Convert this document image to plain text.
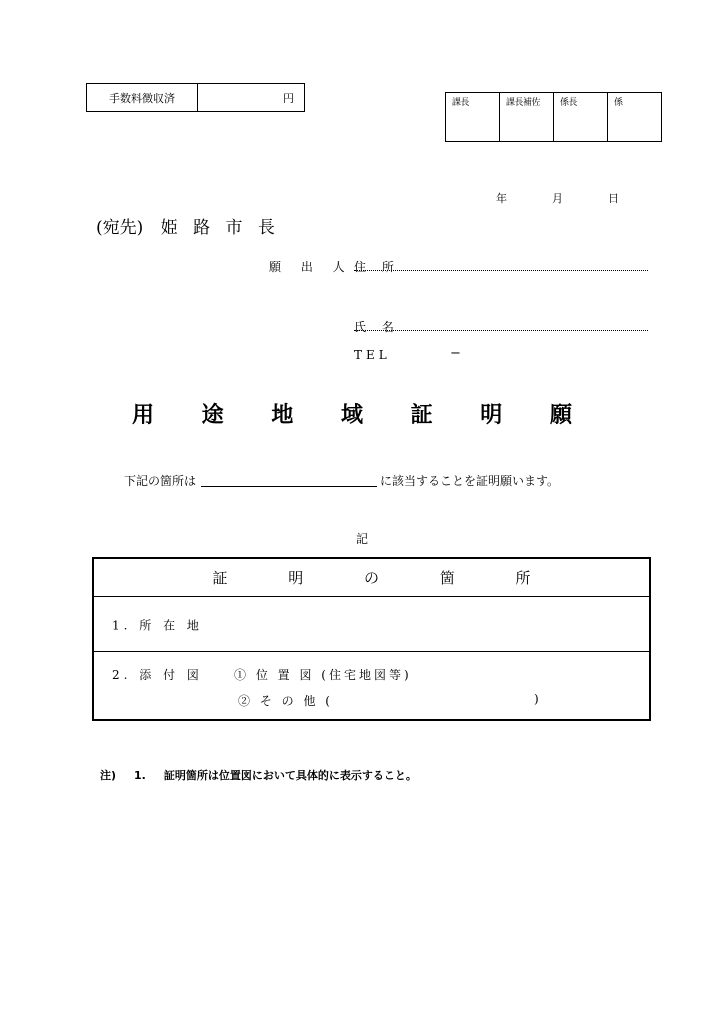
手数料徴収済	円	課長	課長補佐	係長	係
年	月	日
(宛先) 姫 路 市 長
願 出 人 住 所
氏 名
TEL	−
用 途 地 域 証 明 願
下記の箇所は	に該当することを証明願います。
記
証 明 の 箇 所
1. 所 在 地
2. 添 付 図	① 位 置 図 (住宅地図等)
② そ の 他 (	)
注) 1. 証明箇所は位置図において具体的に表示すること。
